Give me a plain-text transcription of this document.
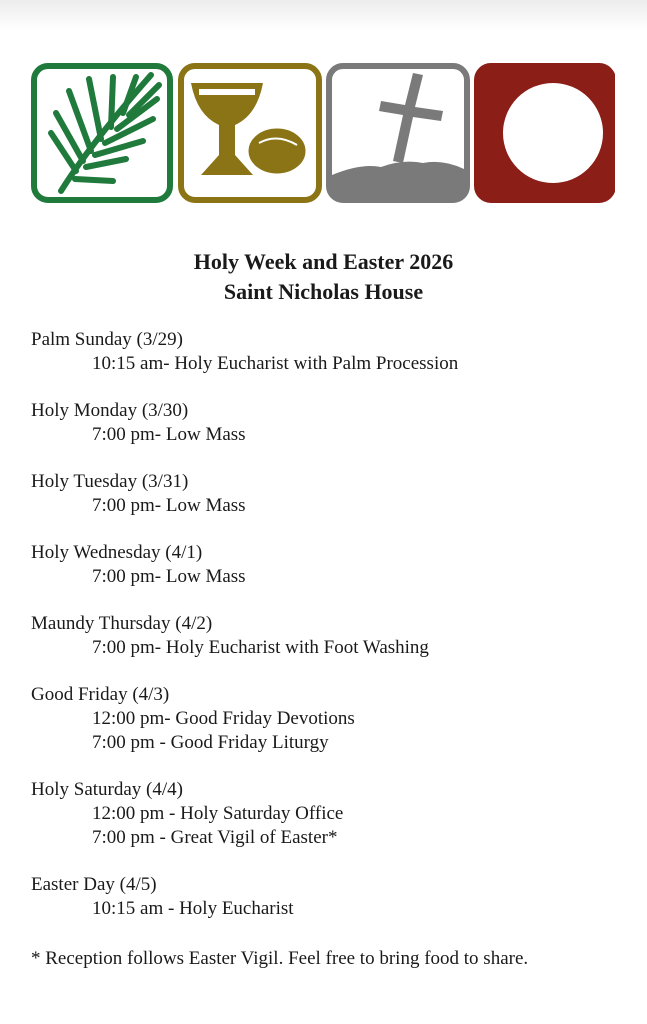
Holy Week and Easter 2026
Saint Nicholas House
Palm Sunday (3/29)
10:15 am- Holy Eucharist with Palm Procession
Holy Monday (3/30)
7:00 pm- Low Mass
Holy Tuesday (3/31)
7:00 pm- Low Mass
Holy Wednesday (4/1)
7:00 pm- Low Mass
Maundy Thursday (4/2)
7:00 pm- Holy Eucharist with Foot Washing
Good Friday (4/3)
12:00 pm- Good Friday Devotions
7:00 pm - Good Friday Liturgy
Holy Saturday (4/4)
12:00 pm - Holy Saturday Office
7:00 pm - Great Vigil of Easter*
Easter Day (4/5)
10:15 am - Holy Eucharist
* Reception follows Easter Vigil. Feel free to bring food to share.
